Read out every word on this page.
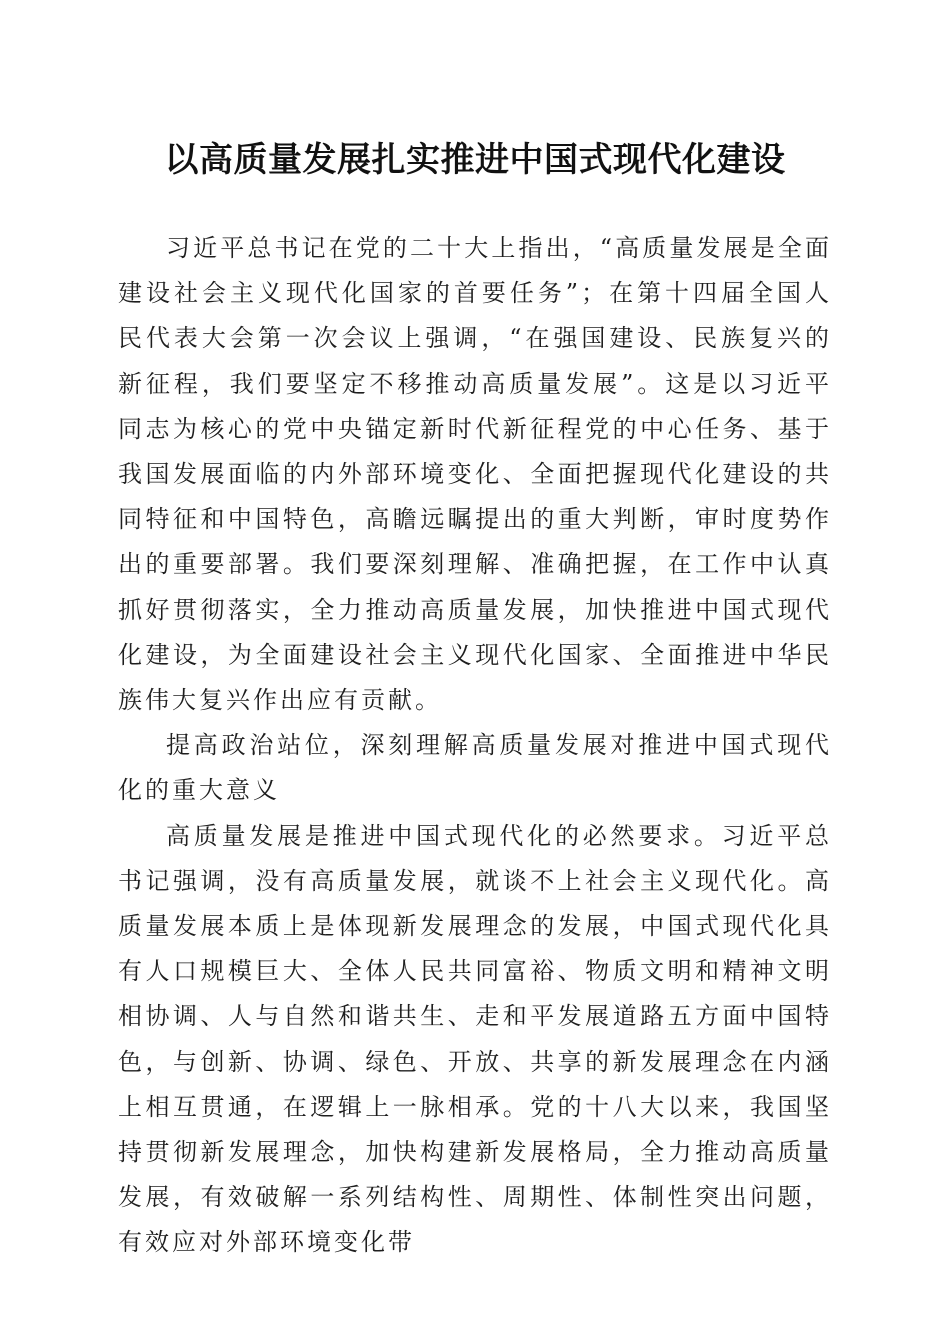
以高质量发展扎实推进中国式现代化建设

习近平总书记在党的二十大上指出，“高质量发展是全面建设社会主义现代化国家的首要任务”；在第十四届全国人民代表大会第一次会议上强调，“在强国建设、民族复兴的新征程，我们要坚定不移推动高质量发展”。这是以习近平同志为核心的党中央锚定新时代新征程党的中心任务、基于我国发展面临的内外部环境变化、全面把握现代化建设的共同特征和中国特色，高瞻远瞩提出的重大判断，审时度势作出的重要部署。我们要深刻理解、准确把握，在工作中认真抓好贯彻落实，全力推动高质量发展，加快推进中国式现代化建设，为全面建设社会主义现代化国家、全面推进中华民族伟大复兴作出应有贡献。

提高政治站位，深刻理解高质量发展对推进中国式现代化的重大意义

高质量发展是推进中国式现代化的必然要求。习近平总书记强调，没有高质量发展，就谈不上社会主义现代化。高质量发展本质上是体现新发展理念的发展，中国式现代化具有人口规模巨大、全体人民共同富裕、物质文明和精神文明相协调、人与自然和谐共生、走和平发展道路五方面中国特色，与创新、协调、绿色、开放、共享的新发展理念在内涵上相互贯通，在逻辑上一脉相承。党的十八大以来，我国坚持贯彻新发展理念，加快构建新发展格局，全力推动高质量发展，有效破解一系列结构性、周期性、体制性突出问题，有效应对外部环境变化带
